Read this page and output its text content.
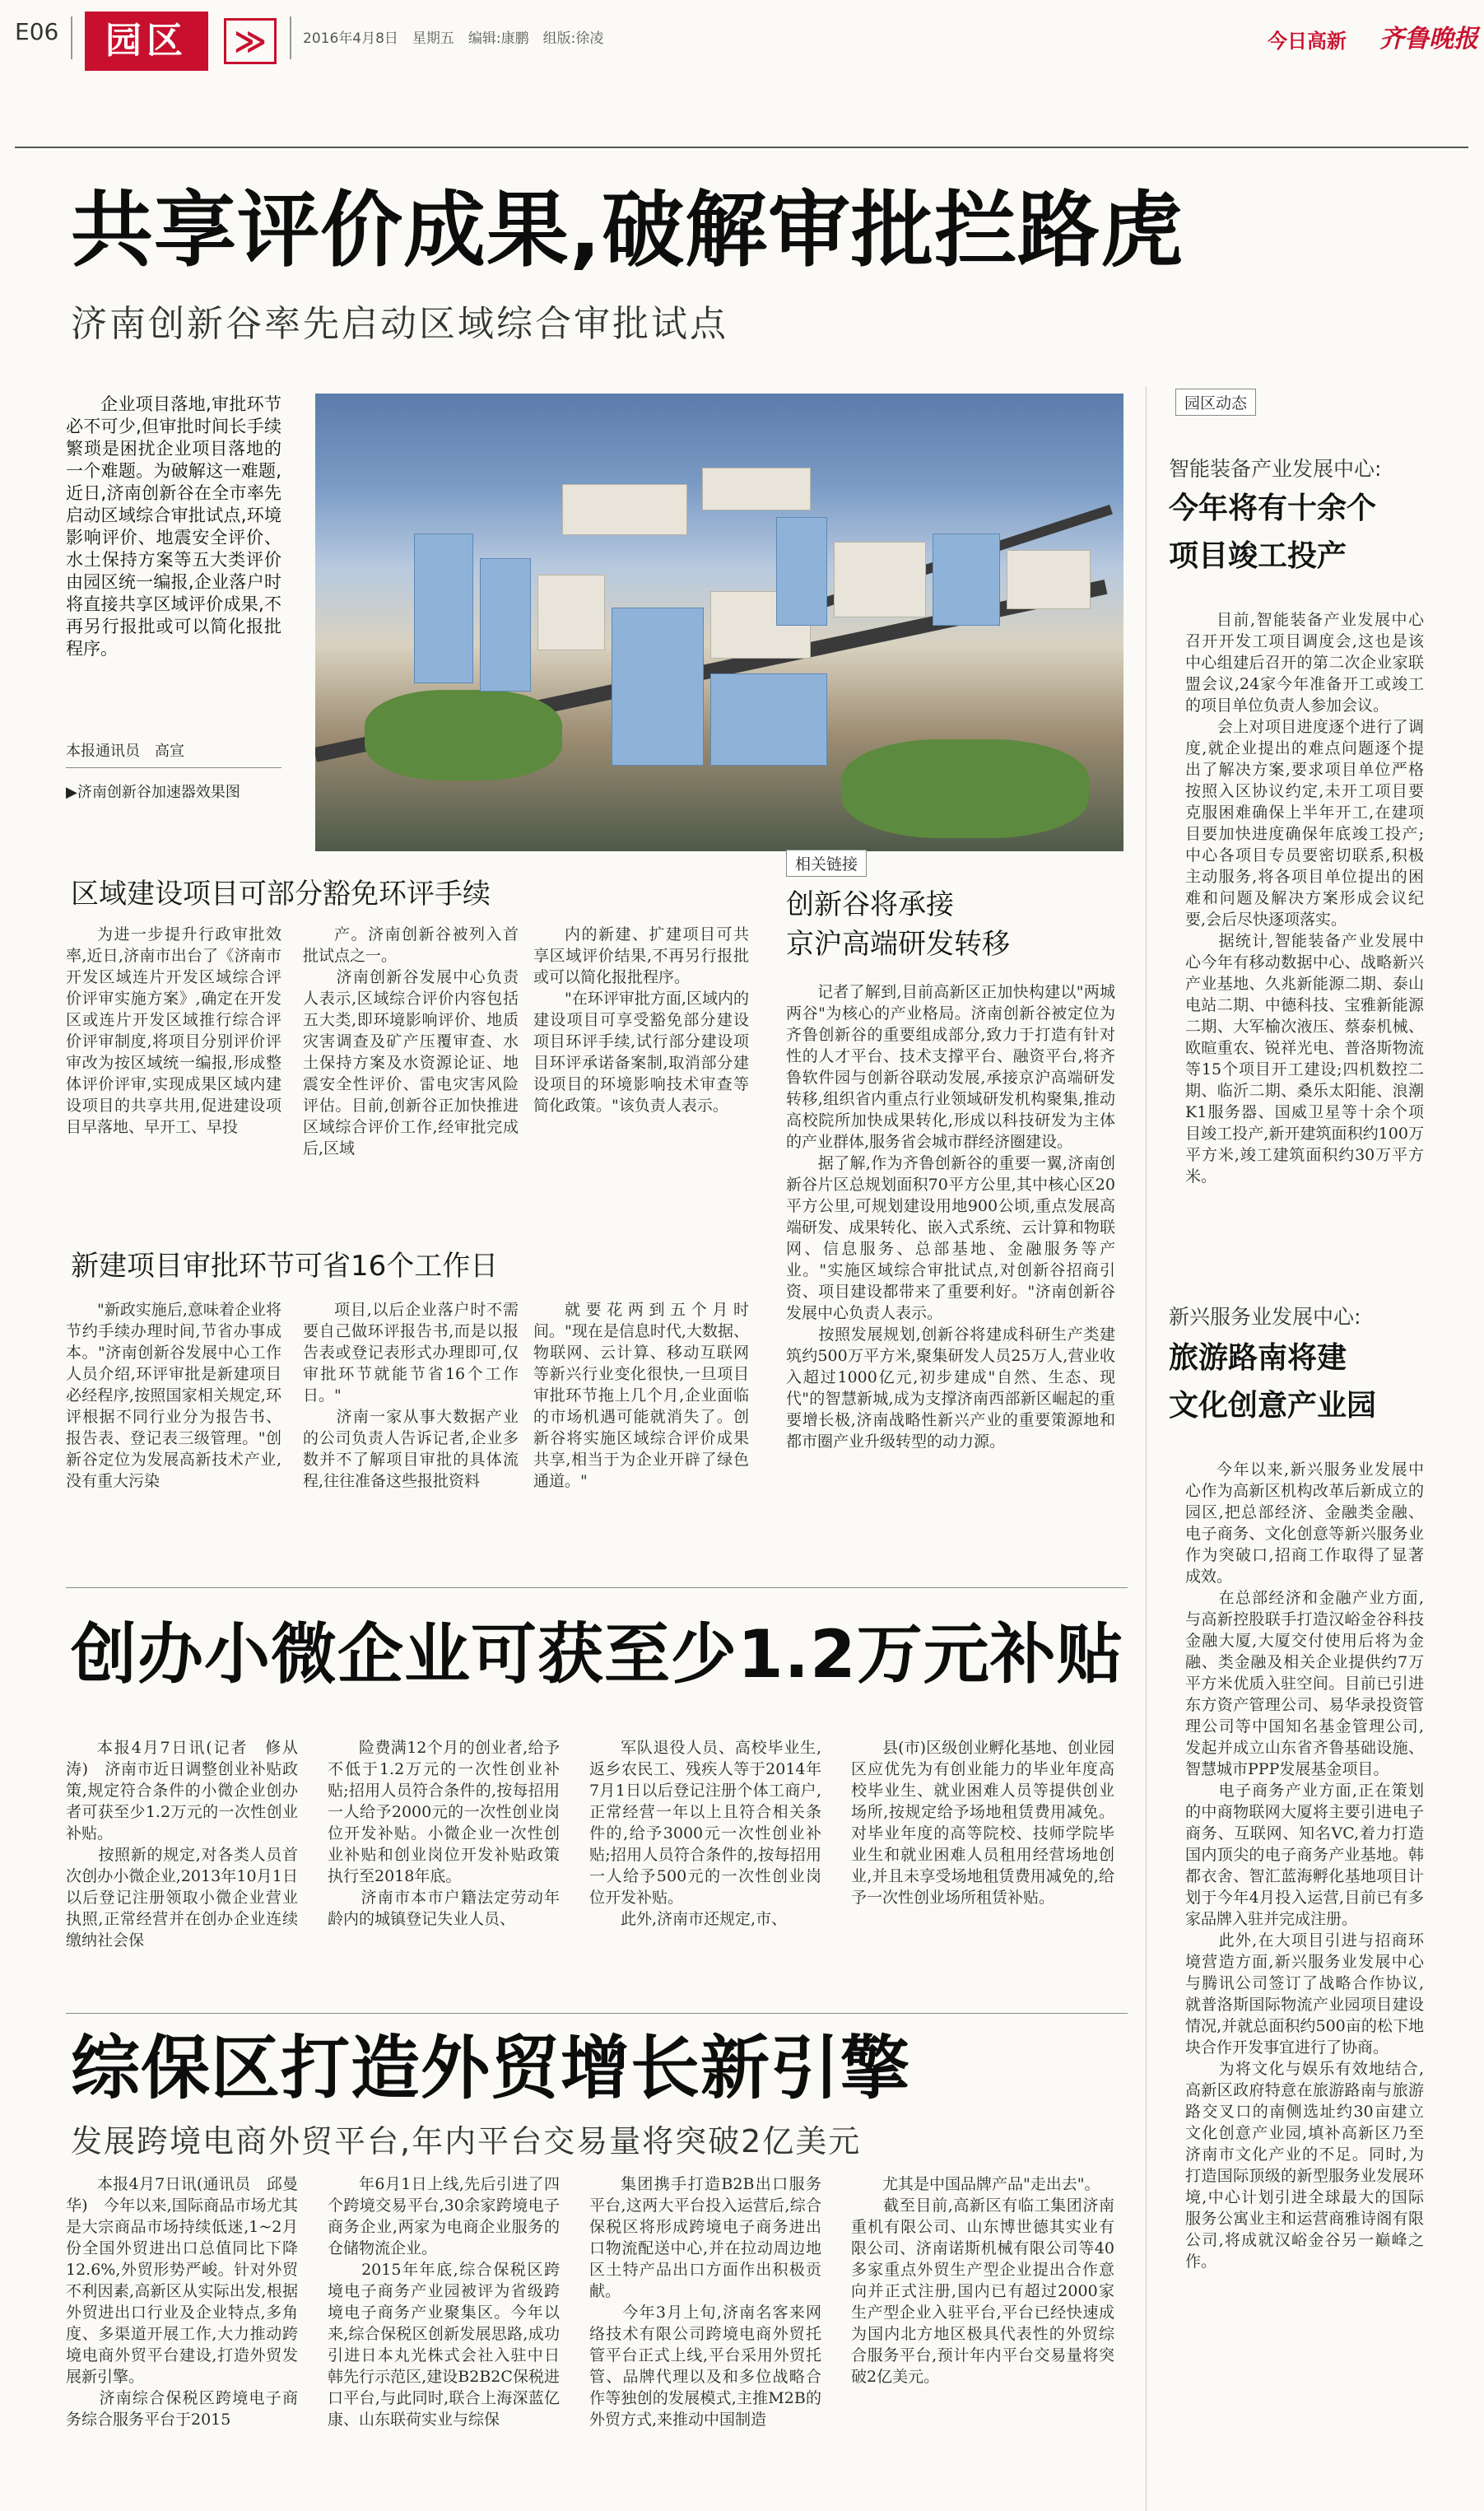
E06	园区	≫	2016年4月8日　星期五　编辑:康鹏　组版:徐凌	今日高新 齐鲁晚报
共享评价成果,破解审批拦路虎
济南创新谷率先启动区域综合审批试点
企业项目落地,审批环节必不可少,但审批时间长手续繁琐是困扰企业项目落地的一个难题。为破解这一难题,近日,济南创新谷在全市率先启动区域综合审批试点,环境影响评价、地震安全评价、水土保持方案等五大类评价由园区统一编报,企业落户时将直接共享区域评价成果,不再另行报批或可以简化报批程序。
本报通讯员　高宣
▶济南创新谷加速器效果图
区域建设项目可部分豁免环评手续
为进一步提升行政审批效率,近日,济南市出台了《济南市开发区域连片开发区域综合评价评审实施方案》,确定在开发区或连片开发区域推行综合评价评审制度,将项目分别评价评审改为按区域统一编报,形成整体评价评审,实现成果区域内建设项目的共享共用,促进建设项目早落地、早开工、早投
产。济南创新谷被列入首批试点之一。
　　济南创新谷发展中心负责人表示,区域综合评价内容包括五大类,即环境影响评价、地质灾害调查及矿产压覆审查、水土保持方案及水资源论证、地震安全性评价、雷电灾害风险评估。目前,创新谷正加快推进区域综合评价工作,经审批完成后,区域
内的新建、扩建项目可共享区域评价结果,不再另行报批或可以简化报批程序。
　　"在环评审批方面,区域内的建设项目可享受豁免部分建设项目环评手续,试行部分建设项目环评承诺备案制,取消部分建设项目的环境影响技术审查等简化政策。"该负责人表示。
新建项目审批环节可省16个工作日
"新政实施后,意味着企业将节约手续办理时间,节省办事成本。"济南创新谷发展中心工作人员介绍,环评审批是新建项目必经程序,按照国家相关规定,环评根据不同行业分为报告书、报告表、登记表三级管理。"创新谷定位为发展高新技术产业,没有重大污染
项目,以后企业落户时不需要自己做环评报告书,而是以报告表或登记表形式办理即可,仅审批环节就能节省16个工作日。"
　　济南一家从事大数据产业的公司负责人告诉记者,企业多数并不了解项目审批的具体流程,往往准备这些报批资料
就要花两到五个月时间。"现在是信息时代,大数据、物联网、云计算、移动互联网等新兴行业变化很快,一旦项目审批环节拖上几个月,企业面临的市场机遇可能就消失了。创新谷将实施区域综合评价成果共享,相当于为企业开辟了绿色通道。"
相关链接
创新谷将承接
京沪高端研发转移
记者了解到,目前高新区正加快构建以"两城两谷"为核心的产业格局。济南创新谷被定位为齐鲁创新谷的重要组成部分,致力于打造有针对性的人才平台、技术支撑平台、融资平台,将齐鲁软件园与创新谷联动发展,承接京沪高端研发转移,组织省内重点行业领域研发机构聚集,推动高校院所加快成果转化,形成以科技研发为主体的产业群体,服务省会城市群经济圈建设。
　　据了解,作为齐鲁创新谷的重要一翼,济南创新谷片区总规划面积70平方公里,其中核心区20平方公里,可规划建设用地900公顷,重点发展高端研发、成果转化、嵌入式系统、云计算和物联网、信息服务、总部基地、金融服务等产业。"实施区域综合审批试点,对创新谷招商引资、项目建设都带来了重要利好。"济南创新谷发展中心负责人表示。
　　按照发展规划,创新谷将建成科研生产类建筑约500万平方米,聚集研发人员25万人,营业收入超过1000亿元,初步建成"自然、生态、现代"的智慧新城,成为支撑济南西部新区崛起的重要增长极,济南战略性新兴产业的重要策源地和都市圈产业升级转型的动力源。
园区动态
智能装备产业发展中心:
今年将有十余个
项目竣工投产
目前,智能装备产业发展中心召开开发工项目调度会,这也是该中心组建后召开的第二次企业家联盟会议,24家今年准备开工或竣工的项目单位负责人参加会议。
　　会上对项目进度逐个进行了调度,就企业提出的难点问题逐个提出了解决方案,要求项目单位严格按照入区协议约定,未开工项目要克服困难确保上半年开工,在建项目要加快进度确保年底竣工投产;中心各项目专员要密切联系,积极主动服务,将各项目单位提出的困难和问题及解决方案形成会议纪要,会后尽快逐项落实。
　　据统计,智能装备产业发展中心今年有移动数据中心、战略新兴产业基地、久兆新能源二期、泰山电站二期、中德科技、宝雅新能源二期、大军榆次液压、蔡泰机械、欧暄重农、锐祥光电、普洛斯物流等15个项目开工建设;四机数控二期、临沂二期、桑乐太阳能、浪潮K1服务器、国威卫星等十余个项目竣工投产,新开建筑面积约100万平方米,竣工建筑面积约30万平方米。
新兴服务业发展中心:
旅游路南将建
文化创意产业园
今年以来,新兴服务业发展中心作为高新区机构改革后新成立的园区,把总部经济、金融类金融、电子商务、文化创意等新兴服务业作为突破口,招商工作取得了显著成效。
　　在总部经济和金融产业方面,与高新控股联手打造汉峪金谷科技金融大厦,大厦交付使用后将为金融、类金融及相关企业提供约7万平方米优质入驻空间。目前已引进东方资产管理公司、易华录投资管理公司等中国知名基金管理公司,发起并成立山东省齐鲁基础设施、智慧城市PPP发展基金项目。
　　电子商务产业方面,正在策划的中商物联网大厦将主要引进电子商务、互联网、知名VC,着力打造国内顶尖的电子商务产业基地。韩都衣舍、智汇蓝海孵化基地项目计划于今年4月投入运营,目前已有多家品牌入驻并完成注册。
　　此外,在大项目引进与招商环境营造方面,新兴服务业发展中心与腾讯公司签订了战略合作协议,就普洛斯国际物流产业园项目建设情况,并就总面积约500亩的松下地块合作开发事宜进行了协商。
　　为将文化与娱乐有效地结合,高新区政府特意在旅游路南与旅游路交叉口的南侧选址约30亩建立文化创意产业园,填补高新区乃至济南市文化产业的不足。同时,为打造国际顶级的新型服务业发展环境,中心计划引进全球最大的国际服务公寓业主和运营商雅诗阁有限公司,将成就汉峪金谷另一巅峰之作。
创办小微企业可获至少1.2万元补贴
本报4月7日讯(记者　修从涛)　济南市近日调整创业补贴政策,规定符合条件的小微企业创办者可获至少1.2万元的一次性创业补贴。
　　按照新的规定,对各类人员首次创办小微企业,2013年10月1日以后登记注册领取小微企业营业执照,正常经营并在创办企业连续缴纳社会保
险费满12个月的创业者,给予不低于1.2万元的一次性创业补贴;招用人员符合条件的,按每招用一人给予2000元的一次性创业岗位开发补贴。小微企业一次性创业补贴和创业岗位开发补贴政策执行至2018年底。
　　济南市本市户籍法定劳动年龄内的城镇登记失业人员、
军队退役人员、高校毕业生,返乡农民工、残疾人等于2014年7月1日以后登记注册个体工商户,正常经营一年以上且符合相关条件的,给予3000元一次性创业补贴;招用人员符合条件的,按每招用一人给予500元的一次性创业岗位开发补贴。
　　此外,济南市还规定,市、
县(市)区级创业孵化基地、创业园区应优先为有创业能力的毕业年度高校毕业生、就业困难人员等提供创业场所,按规定给予场地租赁费用减免。对毕业年度的高等院校、技师学院毕业生和就业困难人员租用经营场地创业,并且未享受场地租赁费用减免的,给予一次性创业场所租赁补贴。
综保区打造外贸增长新引擎
发展跨境电商外贸平台,年内平台交易量将突破2亿美元
本报4月7日讯(通讯员　邱曼华)　今年以来,国际商品市场尤其是大宗商品市场持续低迷,1~2月份全国外贸进出口总值同比下降12.6%,外贸形势严峻。针对外贸不利因素,高新区从实际出发,根据外贸进出口行业及企业特点,多角度、多渠道开展工作,大力推动跨境电商外贸平台建设,打造外贸发展新引擎。
　　济南综合保税区跨境电子商务综合服务平台于2015
年6月1日上线,先后引进了四个跨境交易平台,30余家跨境电子商务企业,两家为电商企业服务的仓储物流企业。
　　2015年年底,综合保税区跨境电子商务产业园被评为省级跨境电子商务产业聚集区。今年以来,综合保税区创新发展思路,成功引进日本丸光株式会社入驻中日韩先行示范区,建设B2B2C保税进口平台,与此同时,联合上海深蓝亿康、山东联荷实业与综保
集团携手打造B2B出口服务平台,这两大平台投入运营后,综合保税区将形成跨境电子商务进出口物流配送中心,并在拉动周边地区土特产品出口方面作出积极贡献。
　　今年3月上旬,济南名客来网络技术有限公司跨境电商外贸托管平台正式上线,平台采用外贸托管、品牌代理以及和多位战略合作等独创的发展模式,主推M2B的外贸方式,来推动中国制造
尤其是中国品牌产品"走出去"。
　　截至目前,高新区有临工集团济南重机有限公司、山东博世德其实业有限公司、济南诺斯机械有限公司等40多家重点外贸生产型企业提出合作意向并正式注册,国内已有超过2000家生产型企业入驻平台,平台已经快速成为国内北方地区极具代表性的外贸综合服务平台,预计年内平台交易量将突破2亿美元。
